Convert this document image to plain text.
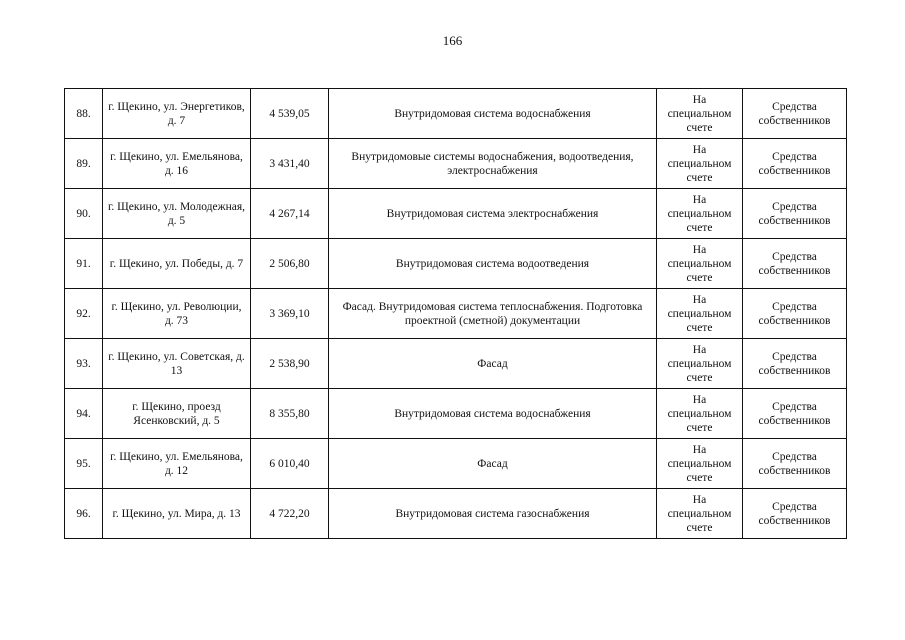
166
88.	г. Щекино, ул. Энергетиков, д. 7	4 539,05	Внутридомовая система водоснабжения	На специальном счете	Средства собственников
89.	г. Щекино, ул. Емельянова, д. 16	3 431,40	Внутридомовые системы водоснабжения, водоотведения, электроснабжения	На специальном счете	Средства собственников
90.	г. Щекино, ул. Молодежная, д. 5	4 267,14	Внутридомовая система электроснабжения	На специальном счете	Средства собственников
91.	г. Щекино, ул. Победы, д. 7	2 506,80	Внутридомовая система водоотведения	На специальном счете	Средства собственников
92.	г. Щекино, ул. Революции, д. 73	3 369,10	Фасад. Внутридомовая система теплоснабжения. Подготовка проектной (сметной) документации	На специальном счете	Средства собственников
93.	г. Щекино, ул. Советская, д. 13	2 538,90	Фасад	На специальном счете	Средства собственников
94.	г. Щекино, проезд Ясенковский, д. 5	8 355,80	Внутридомовая система водоснабжения	На специальном счете	Средства собственников
95.	г. Щекино, ул. Емельянова, д. 12	6 010,40	Фасад	На специальном счете	Средства собственников
96.	г. Щекино, ул. Мира, д. 13	4 722,20	Внутридомовая система газоснабжения	На специальном счете	Средства собственников
